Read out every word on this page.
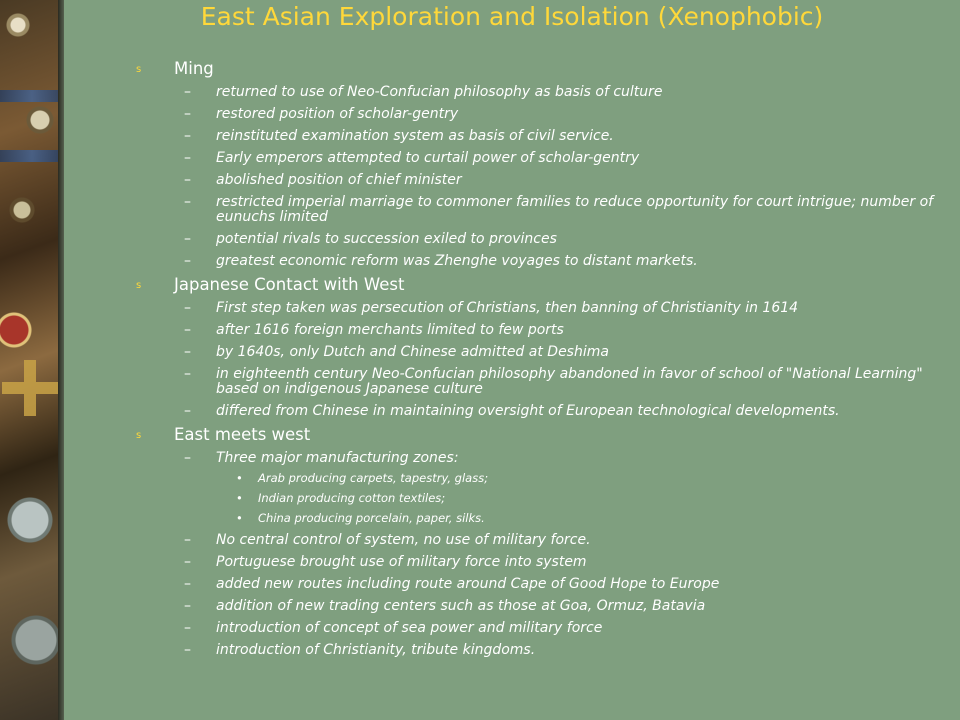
East Asian Exploration and Isolation (Xenophobic)
s Ming
– returned to use of Neo-Confucian philosophy as basis of culture
– restored position of scholar-gentry
– reinstituted examination system as basis of civil service.
– Early emperors attempted to curtail power of scholar-gentry
– abolished position of chief minister
– restricted imperial marriage to commoner families to reduce opportunity for court intrigue; number of eunuchs limited
– potential rivals to succession exiled to provinces
– greatest economic reform was Zhenghe voyages to distant markets.
s Japanese Contact with West
– First step taken was persecution of Christians, then banning of Christianity in 1614
– after 1616 foreign merchants limited to few ports
– by 1640s, only Dutch and Chinese admitted at Deshima
– in eighteenth century Neo-Confucian philosophy abandoned in favor of school of "National Learning" based on indigenous Japanese culture
– differed from Chinese in maintaining oversight of European technological developments.
s East meets west
– Three major manufacturing zones:
• Arab producing carpets, tapestry, glass;
• Indian producing cotton textiles;
• China producing porcelain, paper, silks.
– No central control of system, no use of military force.
– Portuguese brought use of military force into system
– added new routes including route around Cape of Good Hope to Europe
– addition of new trading centers such as those at Goa, Ormuz, Batavia
– introduction of concept of sea power and military force
– introduction of Christianity, tribute kingdoms.
